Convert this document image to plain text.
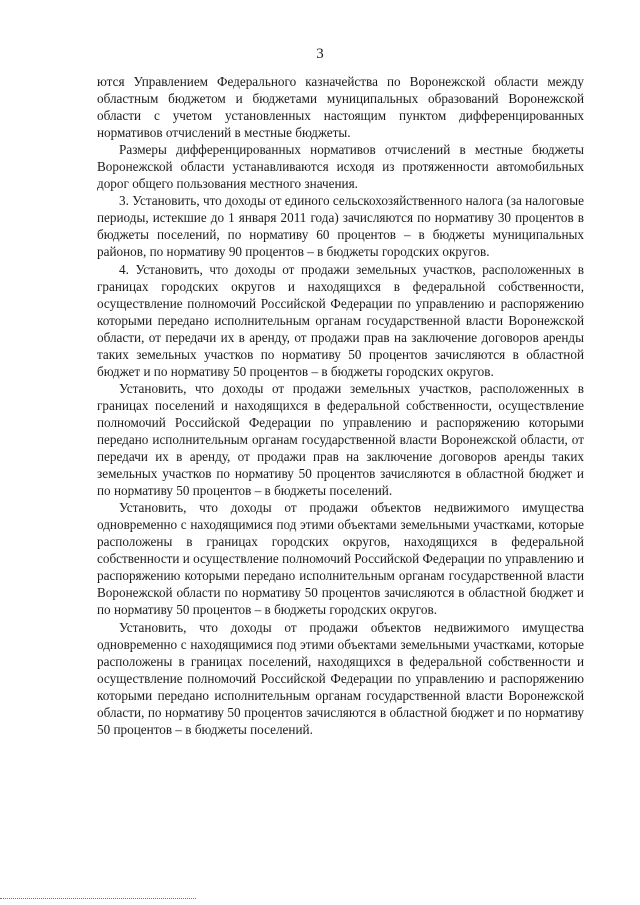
3

ются Управлением Федерального казначейства по Воронежской области между областным бюджетом и бюджетами муниципальных образований Воронежской области с учетом установленных настоящим пунктом дифференцированных нормативов отчислений в местные бюджеты.

Размеры дифференцированных нормативов отчислений в местные бюджеты Воронежской области устанавливаются исходя из протяженности автомобильных дорог общего пользования местного значения.

3. Установить, что доходы от единого сельскохозяйственного налога (за налоговые периоды, истекшие до 1 января 2011 года) зачисляются по нормативу 30 процентов в бюджеты поселений, по нормативу 60 процентов – в бюджеты муниципальных районов, по нормативу 90 процентов – в бюджеты городских округов.

4. Установить, что доходы от продажи земельных участков, расположенных в границах городских округов и находящихся в федеральной собственности, осуществление полномочий Российской Федерации по управлению и распоряжению которыми передано исполнительным органам государственной власти Воронежской области, от передачи их в аренду, от продажи прав на заключение договоров аренды таких земельных участков по нормативу 50 процентов зачисляются в областной бюджет и по нормативу 50 процентов – в бюджеты городских округов.

Установить, что доходы от продажи земельных участков, расположенных в границах поселений и находящихся в федеральной собственности, осуществление полномочий Российской Федерации по управлению и распоряжению которыми передано исполнительным органам государственной власти Воронежской области, от передачи их в аренду, от продажи прав на заключение договоров аренды таких земельных участков по нормативу 50 процентов зачисляются в областной бюджет и по нормативу 50 процентов – в бюджеты поселений.

Установить, что доходы от продажи объектов недвижимого имущества одновременно с находящимися под этими объектами земельными участками, которые расположены в границах городских округов, находящихся в федеральной собственности и осуществление полномочий Российской Федерации по управлению и распоряжению которыми передано исполнительным органам государственной власти Воронежской области по нормативу 50 процентов зачисляются в областной бюджет и по нормативу 50 процентов – в бюджеты городских округов.

Установить, что доходы от продажи объектов недвижимого имущества одновременно с находящимися под этими объектами земельными участками, которые расположены в границах поселений, находящихся в федеральной собственности и осуществление полномочий Российской Федерации по управлению и распоряжению которыми передано исполнительным органам государственной власти Воронежской области, по нормативу 50 процентов зачисляются в областной бюджет и по нормативу 50 процентов – в бюджеты поселений.
